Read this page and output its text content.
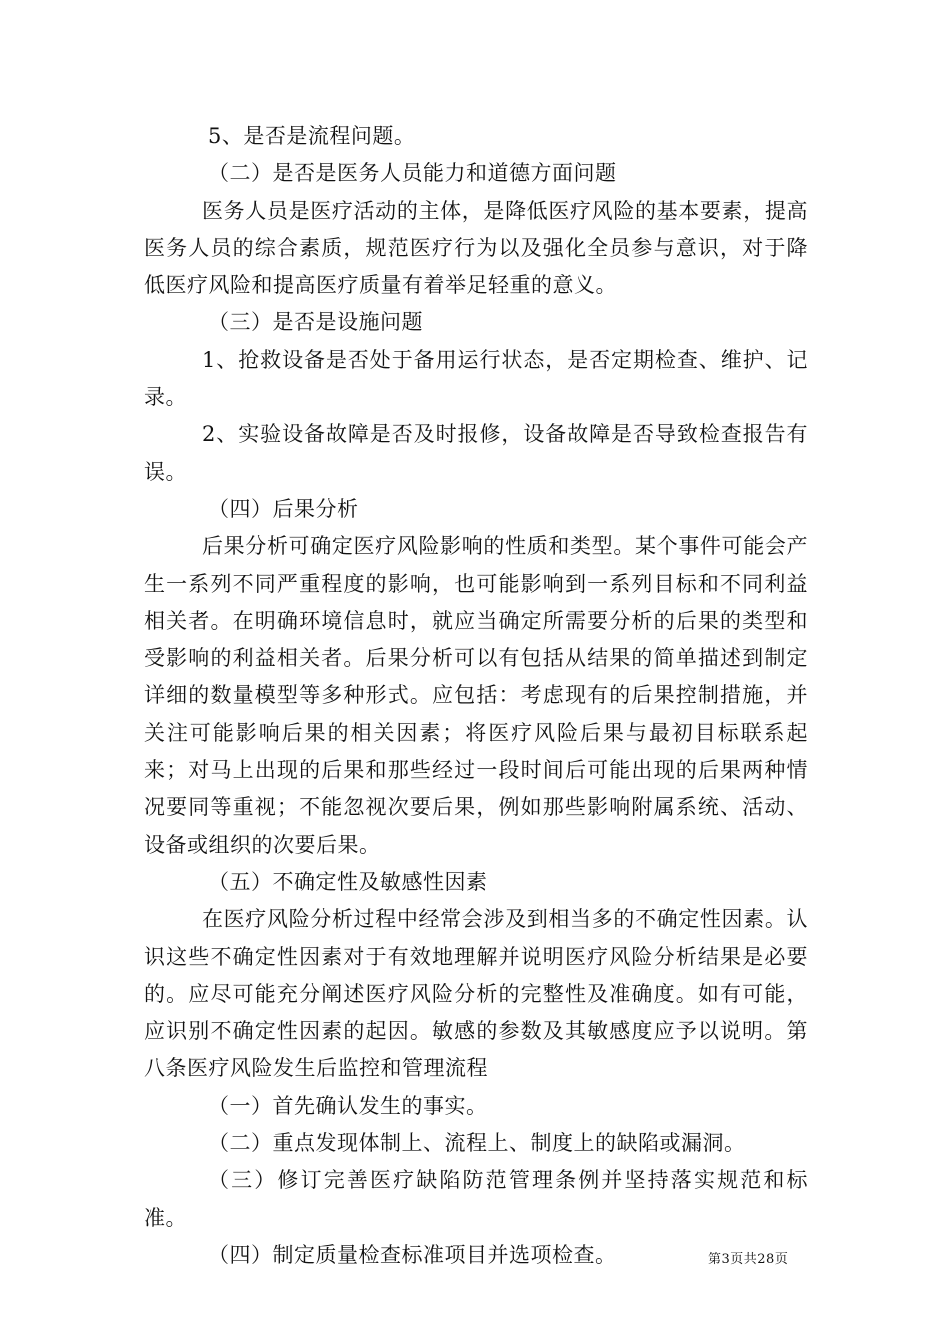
5、是否是流程问题。

（二）是否是医务人员能力和道德方面问题

医务人员是医疗活动的主体，是降低医疗风险的基本要素，提高医务人员的综合素质，规范医疗行为以及强化全员参与意识，对于降低医疗风险和提高医疗质量有着举足轻重的意义。

（三）是否是设施问题

1、抢救设备是否处于备用运行状态，是否定期检查、维护、记录。

2、实验设备故障是否及时报修，设备故障是否导致检查报告有误。

（四）后果分析

后果分析可确定医疗风险影响的性质和类型。某个事件可能会产生一系列不同严重程度的影响，也可能影响到一系列目标和不同利益相关者。在明确环境信息时，就应当确定所需要分析的后果的类型和受影响的利益相关者。后果分析可以有包括从结果的简单描述到制定详细的数量模型等多种形式。应包括：考虑现有的后果控制措施，并关注可能影响后果的相关因素；将医疗风险后果与最初目标联系起来；对马上出现的后果和那些经过一段时间后可能出现的后果两种情况要同等重视；不能忽视次要后果，例如那些影响附属系统、活动、设备或组织的次要后果。

（五）不确定性及敏感性因素

在医疗风险分析过程中经常会涉及到相当多的不确定性因素。认识这些不确定性因素对于有效地理解并说明医疗风险分析结果是必要的。应尽可能充分阐述医疗风险分析的完整性及准确度。如有可能，应识别不确定性因素的起因。敏感的参数及其敏感度应予以说明。第八条医疗风险发生后监控和管理流程

（一）首先确认发生的事实。

（二）重点发现体制上、流程上、制度上的缺陷或漏洞。

（三）修订完善医疗缺陷防范管理条例并坚持落实规范和标准。

（四）制定质量检查标准项目并选项检查。	第3页共28页
